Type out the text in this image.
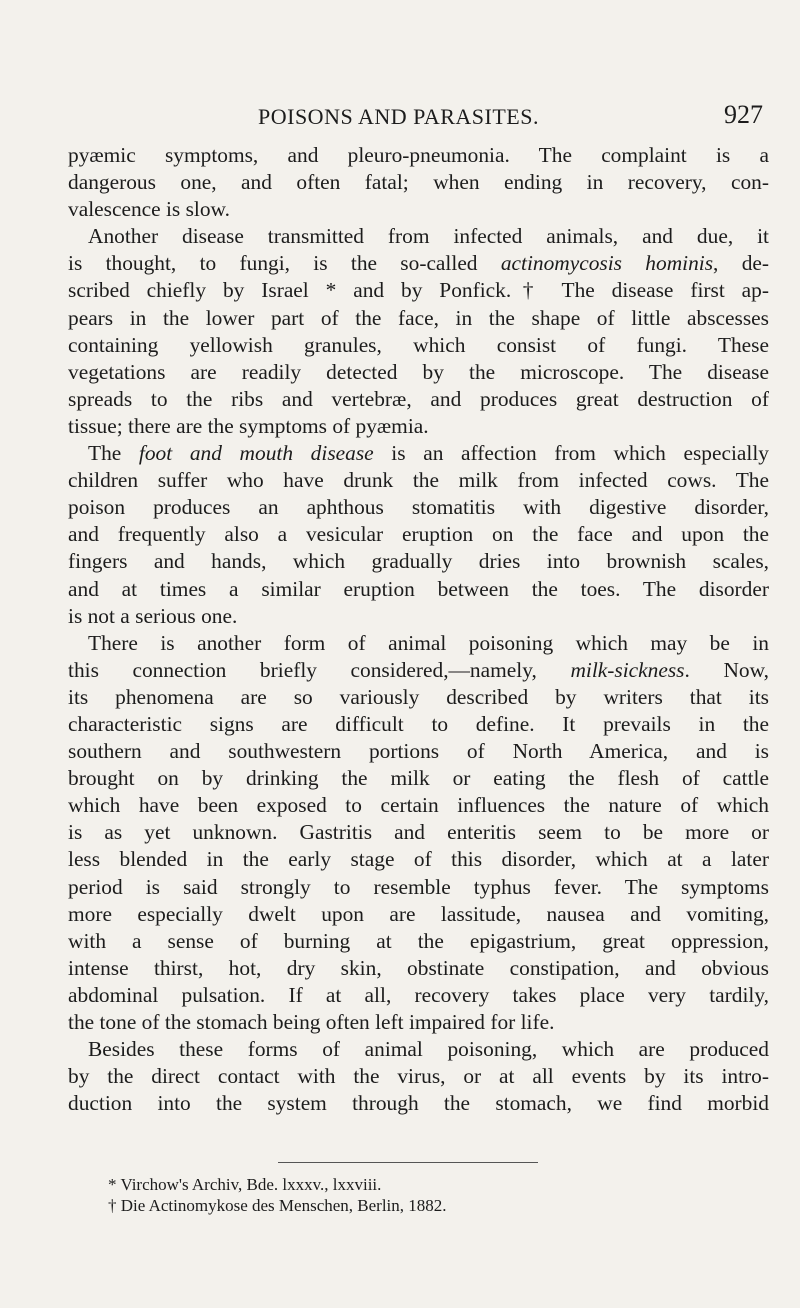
POISONS AND PARASITES.	927
pyæmic symptoms, and pleuro-pneumonia. The complaint is a
dangerous one, and often fatal; when ending in recovery, con-
valescence is slow.
Another disease transmitted from infected animals, and due, it
is thought, to fungi, is the so-called actinomycosis hominis, de-
scribed chiefly by Israel * and by Ponfick.† The disease first ap-
pears in the lower part of the face, in the shape of little abscesses
containing yellowish granules, which consist of fungi. These
vegetations are readily detected by the microscope. The disease
spreads to the ribs and vertebræ, and produces great destruction of
tissue; there are the symptoms of pyæmia.
The foot and mouth disease is an affection from which especially
children suffer who have drunk the milk from infected cows. The
poison produces an aphthous stomatitis with digestive disorder,
and frequently also a vesicular eruption on the face and upon the
fingers and hands, which gradually dries into brownish scales,
and at times a similar eruption between the toes. The disorder
is not a serious one.
There is another form of animal poisoning which may be in
this connection briefly considered,—namely, milk-sickness. Now,
its phenomena are so variously described by writers that its
characteristic signs are difficult to define. It prevails in the
southern and southwestern portions of North America, and is
brought on by drinking the milk or eating the flesh of cattle
which have been exposed to certain influences the nature of which
is as yet unknown. Gastritis and enteritis seem to be more or
less blended in the early stage of this disorder, which at a later
period is said strongly to resemble typhus fever. The symptoms
more especially dwelt upon are lassitude, nausea and vomiting,
with a sense of burning at the epigastrium, great oppression,
intense thirst, hot, dry skin, obstinate constipation, and obvious
abdominal pulsation. If at all, recovery takes place very tardily,
the tone of the stomach being often left impaired for life.
Besides these forms of animal poisoning, which are produced
by the direct contact with the virus, or at all events by its intro-
duction into the system through the stomach, we find morbid
* Virchow's Archiv, Bde. lxxxv., lxxviii.
† Die Actinomykose des Menschen, Berlin, 1882.
